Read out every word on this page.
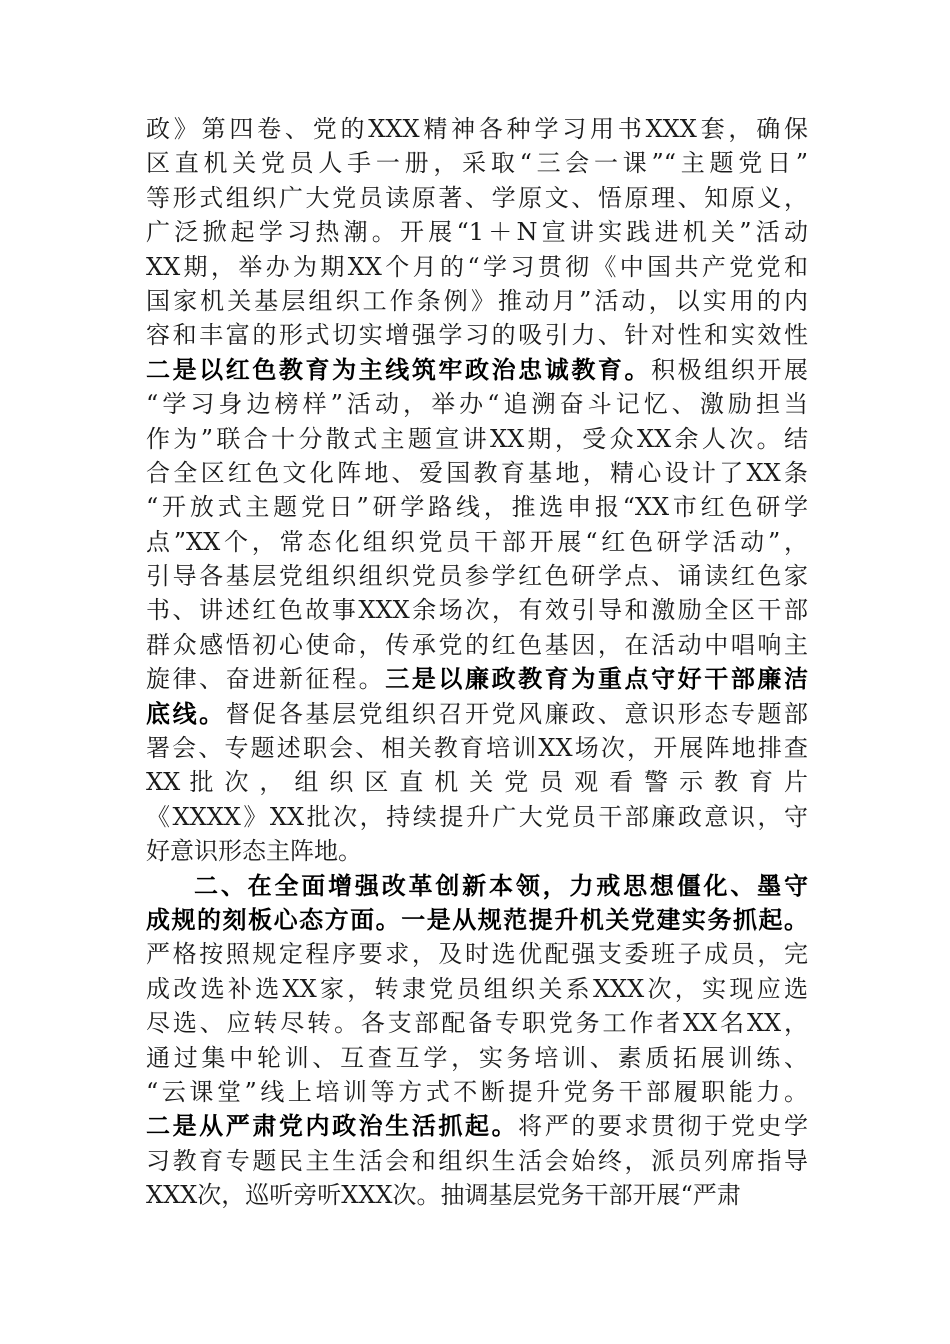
政》第四卷、党的XXX精神各种学习用书XXX套，确保
区直机关党员人手一册，采取“三会一课”“主题党日”
等形式组织广大党员读原著、学原文、悟原理、知原义，
广泛掀起学习热潮。开展“1＋N宣讲实践进机关”活动
XX期，举办为期XX个月的“学习贯彻《中国共产党党和
国家机关基层组织工作条例》推动月”活动，以实用的内
容和丰富的形式切实增强学习的吸引力、针对性和实效性
二是以红色教育为主线筑牢政治忠诚教育。积极组织开展
“学习身边榜样”活动，举办“追溯奋斗记忆、激励担当
作为”联合十分散式主题宣讲XX期，受众XX余人次。结
合全区红色文化阵地、爱国教育基地，精心设计了XX条
“开放式主题党日”研学路线，推选申报“XX市红色研学
点”XX个，常态化组织党员干部开展“红色研学活动”，
引导各基层党组织组织党员参学红色研学点、诵读红色家
书、讲述红色故事XXX余场次，有效引导和激励全区干部
群众感悟初心使命，传承党的红色基因，在活动中唱响主
旋律、奋进新征程。三是以廉政教育为重点守好干部廉洁
底线。督促各基层党组织召开党风廉政、意识形态专题部
署会、专题述职会、相关教育培训XX场次，开展阵地排查
XX 批 次 ， 组 织 区 直 机 关 党 员 观 看 警 示 教 育 片
《XXXX》XX批次，持续提升广大党员干部廉政意识，守
好意识形态主阵地。
二、在全面增强改革创新本领，力戒思想僵化、墨守
成规的刻板心态方面。一是从规范提升机关党建实务抓起。
严格按照规定程序要求，及时选优配强支委班子成员，完
成改选补选XX家，转隶党员组织关系XXX次，实现应选
尽选、应转尽转。各支部配备专职党务工作者XX名XX，
通过集中轮训、互查互学，实务培训、素质拓展训练、
“云课堂”线上培训等方式不断提升党务干部履职能力。
二是从严肃党内政治生活抓起。将严的要求贯彻于党史学
习教育专题民主生活会和组织生活会始终，派员列席指导
XXX次，巡听旁听XXX次。抽调基层党务干部开展“严肃
